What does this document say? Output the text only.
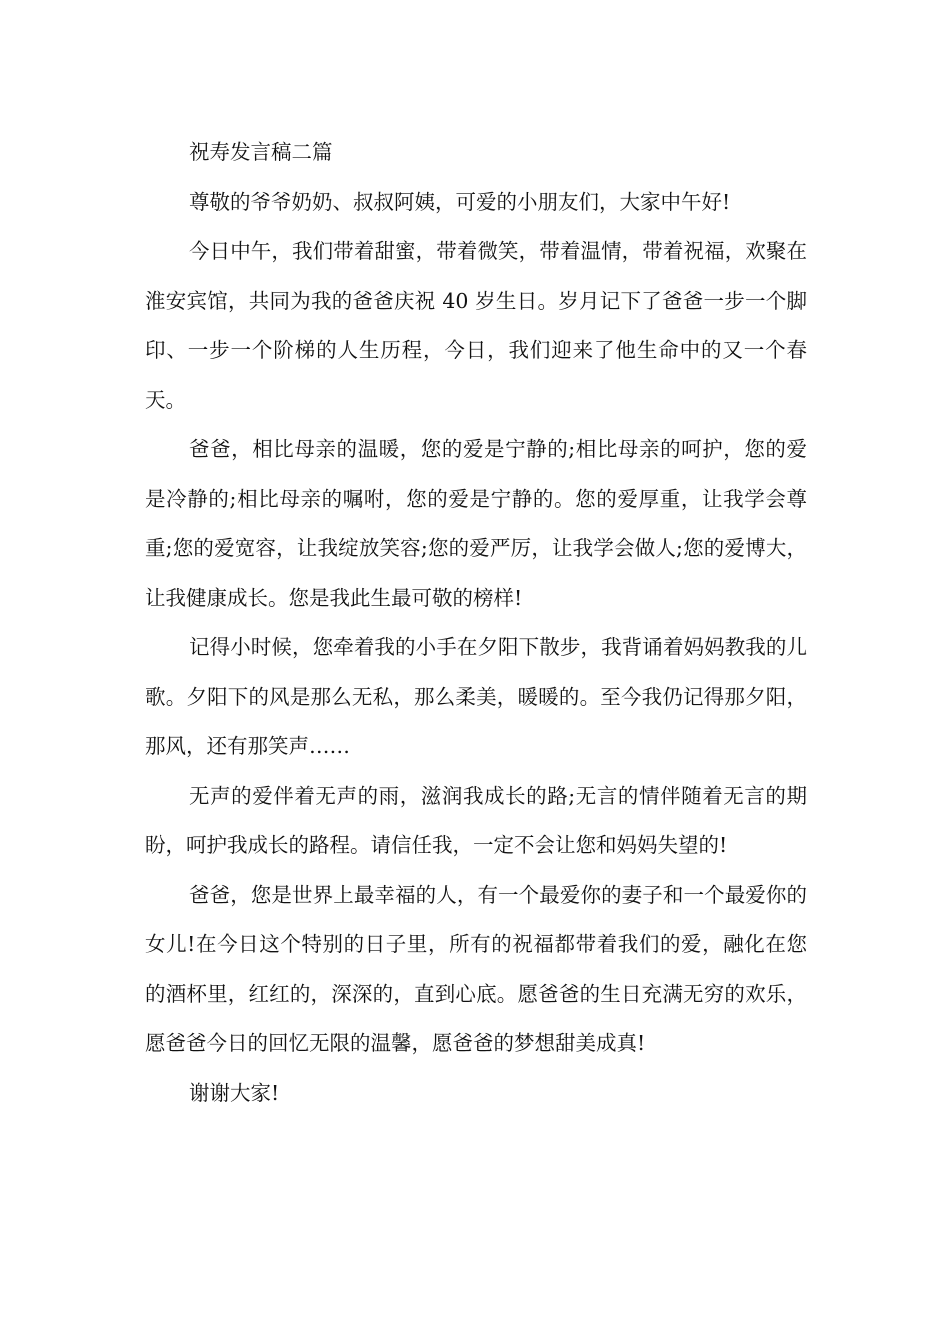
祝寿发言稿二篇

尊敬的爷爷奶奶、叔叔阿姨，可爱的小朋友们，大家中午好!

今日中午，我们带着甜蜜，带着微笑，带着温情，带着祝福，欢聚在淮安宾馆，共同为我的爸爸庆祝 40 岁生日。岁月记下了爸爸一步一个脚印、一步一个阶梯的人生历程，今日，我们迎来了他生命中的又一个春天。

爸爸，相比母亲的温暖，您的爱是宁静的;相比母亲的呵护，您的爱是冷静的;相比母亲的嘱咐，您的爱是宁静的。您的爱厚重，让我学会尊重;您的爱宽容，让我绽放笑容;您的爱严厉，让我学会做人;您的爱博大，让我健康成长。您是我此生最可敬的榜样!

记得小时候，您牵着我的小手在夕阳下散步，我背诵着妈妈教我的儿歌。夕阳下的风是那么无私，那么柔美，暖暖的。至今我仍记得那夕阳，那风，还有那笑声……

无声的爱伴着无声的雨，滋润我成长的路;无言的情伴随着无言的期盼，呵护我成长的路程。请信任我，一定不会让您和妈妈失望的!

爸爸，您是世界上最幸福的人，有一个最爱你的妻子和一个最爱你的女儿!在今日这个特别的日子里，所有的祝福都带着我们的爱，融化在您的酒杯里，红红的，深深的，直到心底。愿爸爸的生日充满无穷的欢乐，愿爸爸今日的回忆无限的温馨，愿爸爸的梦想甜美成真!

谢谢大家!
